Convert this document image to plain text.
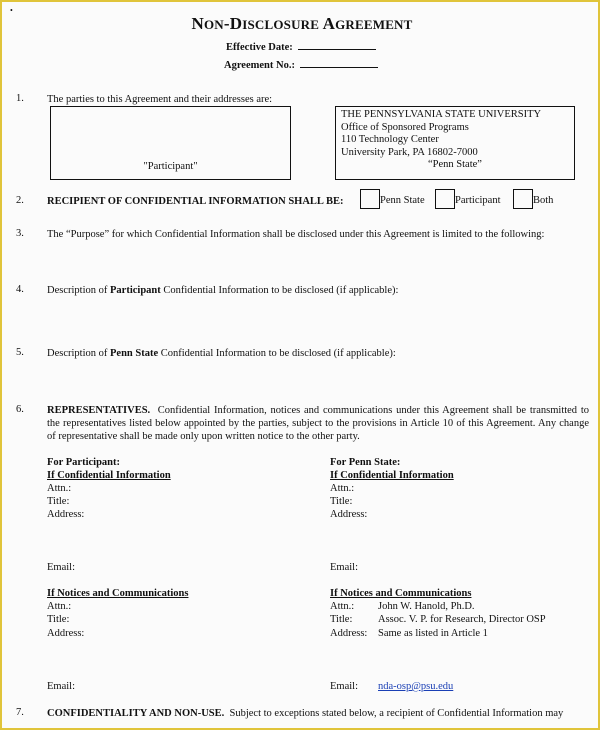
•
NON-DISCLOSURE AGREEMENT
Effective Date:
Agreement No.:
1. The parties to this Agreement and their addresses are:
"Participant"
THE PENNSYLVANIA STATE UNIVERSITY
Office of Sponsored Programs
110 Technology Center
University Park, PA 16802-7000
“Penn State”
2. RECIPIENT OF CONFIDENTIAL INFORMATION SHALL BE:	Penn State	Participant	Both
3. The “Purpose” for which Confidential Information shall be disclosed under this Agreement is limited to the following:
4. Description of Participant Confidential Information to be disclosed (if applicable):
5. Description of Penn State Confidential Information to be disclosed (if applicable):
6. REPRESENTATIVES. Confidential Information, notices and communications under this Agreement shall be transmitted to the representatives listed below appointed by the parties, subject to the provisions in Article 10 of this Agreement. Any change of representative shall be made only upon written notice to the other party.
For Participant:
If Confidential Information
Attn.:
Title:
Address:
Email:
If Notices and Communications
Attn.:
Title:
Address:
Email:
For Penn State:
If Confidential Information
Attn.:
Title:
Address:
Email:
If Notices and Communications
Attn.: John W. Hanold, Ph.D.
Title: Assoc. V. P. for Research, Director OSP
Address: Same as listed in Article 1
Email: nda-osp@psu.edu
7. CONFIDENTIALITY AND NON-USE. Subject to exceptions stated below, a recipient of Confidential Information may
